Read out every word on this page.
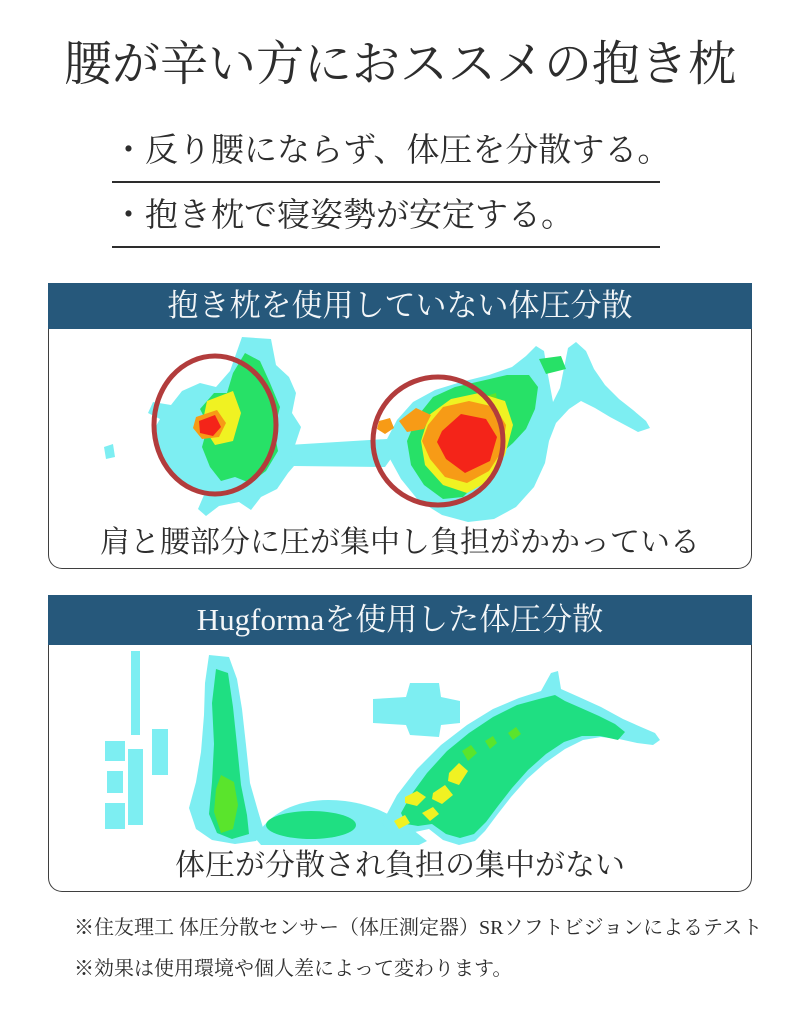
腰が辛い方におススメの抱き枕
・反り腰にならず、体圧を分散する。
・抱き枕で寝姿勢が安定する。
抱き枕を使用していない体圧分散
肩と腰部分に圧が集中し負担がかかっている
Hugformaを使用した体圧分散
体圧が分散され負担の集中がない
※住友理工 体圧分散センサー（体圧測定器）SRソフトビジョンによるテスト
※効果は使用環境や個人差によって変わります。
